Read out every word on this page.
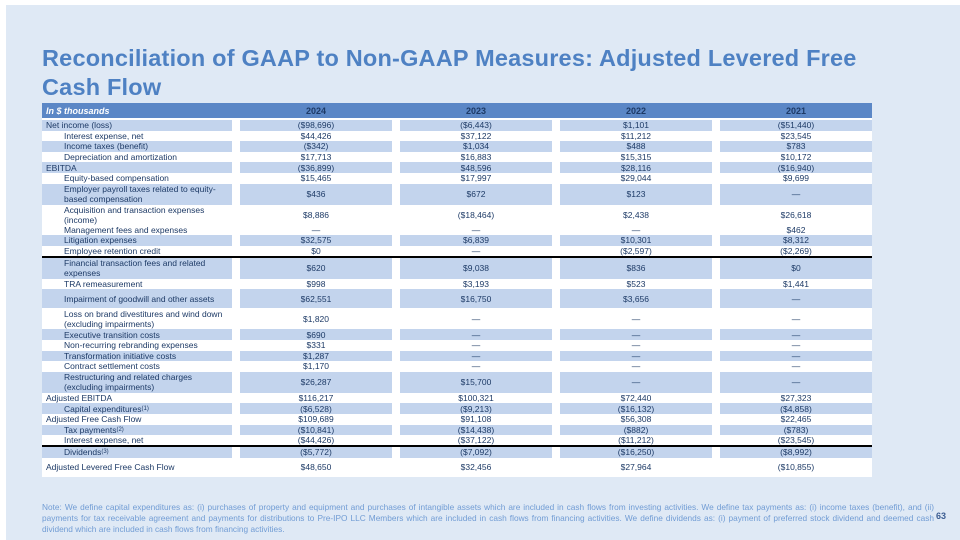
Reconciliation of GAAP to Non-GAAP Measures: Adjusted Levered Free
Cash Flow
In $ thousands	2024	2023	2022	2021
Net income (loss)	($98,696)	($6,443)	$1,101	($51,440)
Interest expense, net	$44,426	$37,122	$11,212	$23,545
Income taxes (benefit)	($342)	$1,034	$488	$783
Depreciation and amortization	$17,713	$16,883	$15,315	$10,172
EBITDA	($36,899)	$48,596	$28,116	($16,940)
Equity-based compensation	$15,465	$17,997	$29,044	$9,699
Employer payroll taxes related to equity-based compensation	$436	$672	$123	—
Acquisition and transaction expenses (income)	$8,886	($18,464)	$2,438	$26,618
Management fees and expenses	—	—	—	$462
Litigation expenses	$32,575	$6,839	$10,301	$8,312
Employee retention credit	$0	—	($2,597)	($2,269)
Financial transaction fees and related expenses	$620	$9,038	$836	$0
TRA remeasurement	$998	$3,193	$523	$1,441
Impairment of goodwill and other assets	$62,551	$16,750	$3,656	—
Loss on brand divestitures and wind down (excluding impairments)	$1,820	—	—	—
Executive transition costs	$690	—	—	—
Non-recurring rebranding expenses	$331	—	—	—
Transformation initiative costs	$1,287	—	—	—
Contract settlement costs	$1,170	—	—	—
Restructuring and related charges (excluding impairments)	$26,287	$15,700	—	—
Adjusted EBITDA	$116,217	$100,321	$72,440	$27,323
Capital expenditures (1)	($6,528)	($9,213)	($16,132)	($4,858)
Adjusted Free Cash Flow	$109,689	$91,108	$56,308	$22,465
Tax payments (2)	($10,841)	($14,438)	($882)	($783)
Interest expense, net	($44,426)	($37,122)	($11,212)	($23,545)
Dividends (3)	($5,772)	($7,092)	($16,250)	($8,992)
Adjusted Levered Free Cash Flow	$48,650	$32,456	$27,964	($10,855)
Note: We define capital expenditures as: (i) purchases of property and equipment and purchases of intangible assets which are included in cash flows from investing activities. We define tax payments as: (i) income taxes (benefit), and (ii) payments for tax receivable agreement and payments for distributions to Pre-IPO LLC Members which are included in cash flows from financing activities. We define dividends as: (i) payment of preferred stock dividend and deemed cash dividend which are included in cash flows from financing activities.
63
